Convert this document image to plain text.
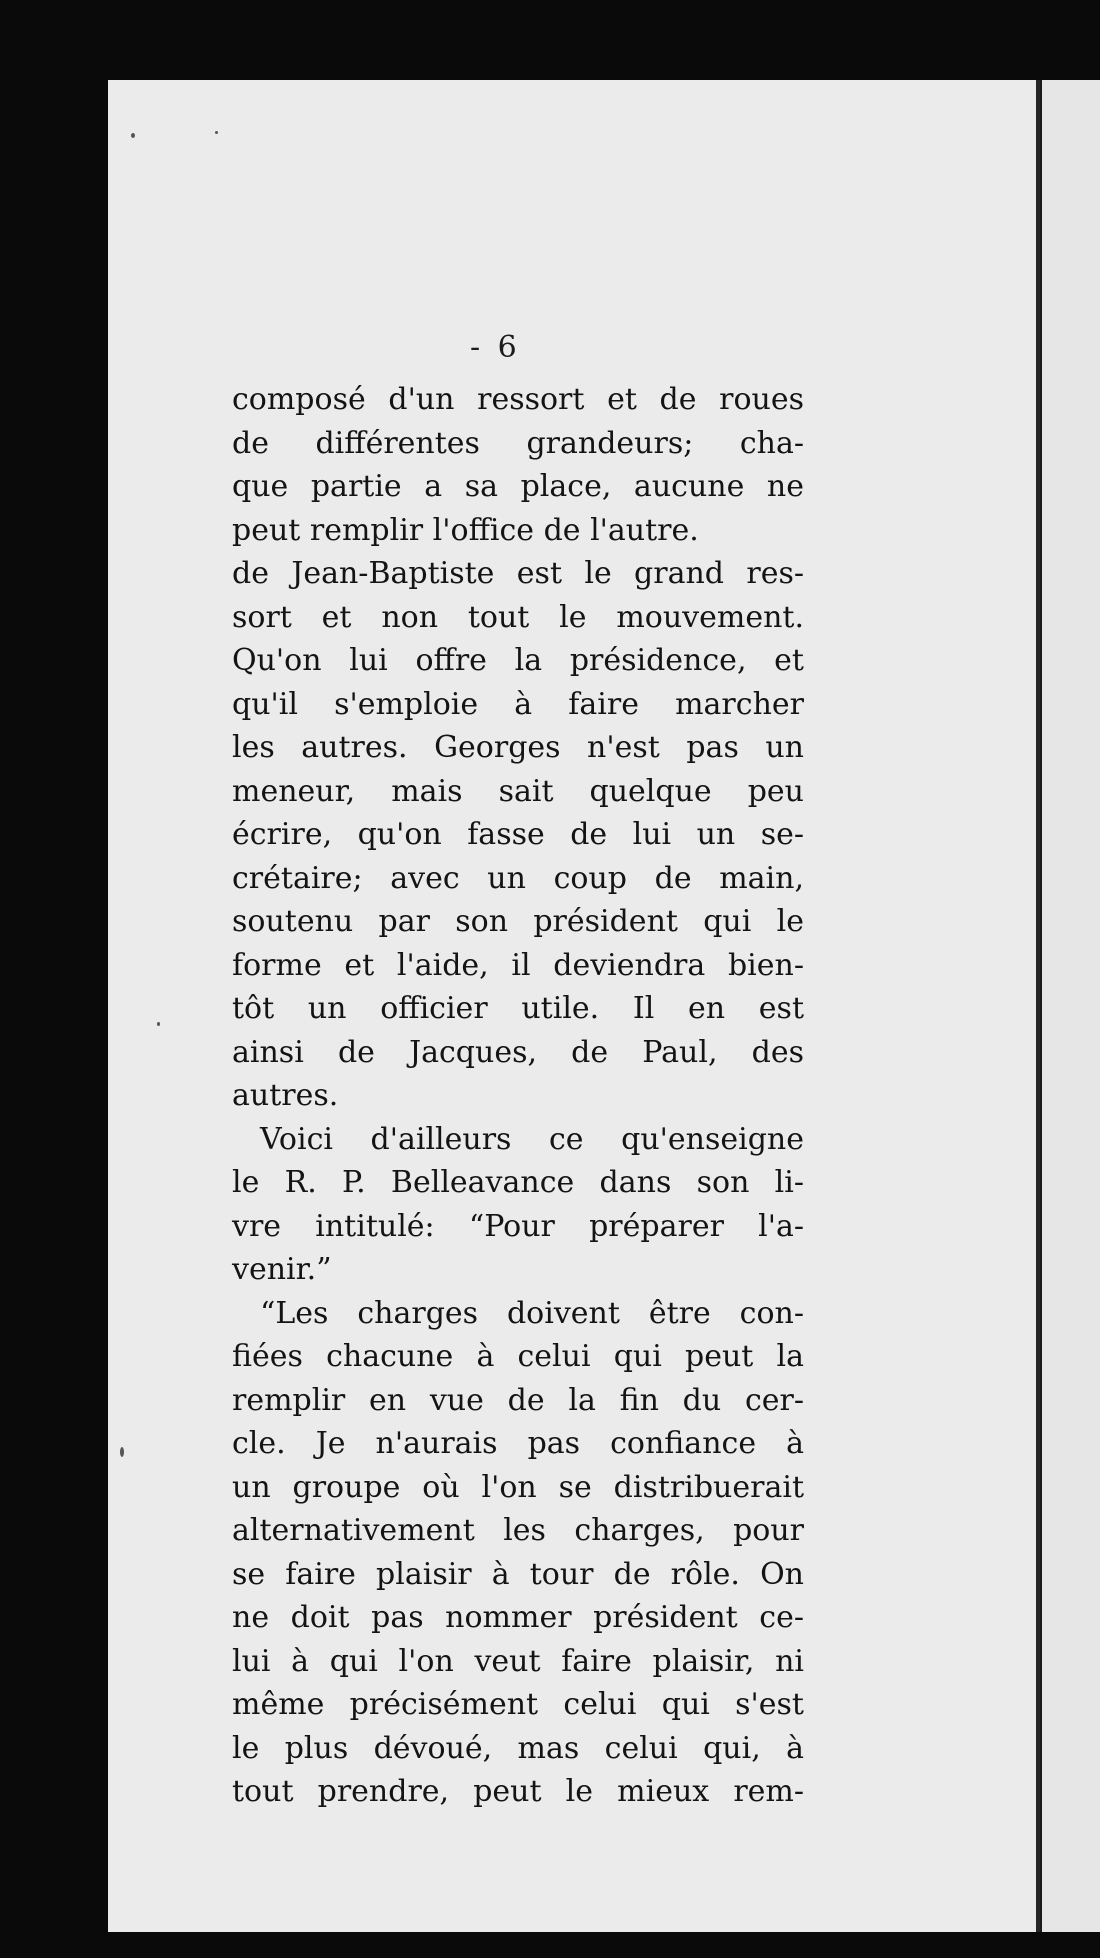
- 6
composé d'un ressort et de roues
de différentes grandeurs; cha-
que partie a sa place, aucune ne
peut remplir l'office de l'autre.
de Jean-Baptiste est le grand res-
sort et non tout le mouvement.
Qu'on lui offre la présidence, et
qu'il s'emploie à faire marcher
les autres. Georges n'est pas un
meneur, mais sait quelque peu
écrire, qu'on fasse de lui un se-
crétaire; avec un coup de main,
soutenu par son président qui le
forme et l'aide, il deviendra bien-
tôt un officier utile. Il en est
ainsi de Jacques, de Paul, des
autres.
Voici d'ailleurs ce qu'enseigne
le R. P. Belleavance dans son li-
vre intitulé: “Pour préparer l'a-
venir.”
“Les charges doivent être con-
fiées chacune à celui qui peut la
remplir en vue de la fin du cer-
cle. Je n'aurais pas confiance à
un groupe où l'on se distribuerait
alternativement les charges, pour
se faire plaisir à tour de rôle. On
ne doit pas nommer président ce-
lui à qui l'on veut faire plaisir, ni
même précisément celui qui s'est
le plus dévoué, mas celui qui, à
tout prendre, peut le mieux rem-
